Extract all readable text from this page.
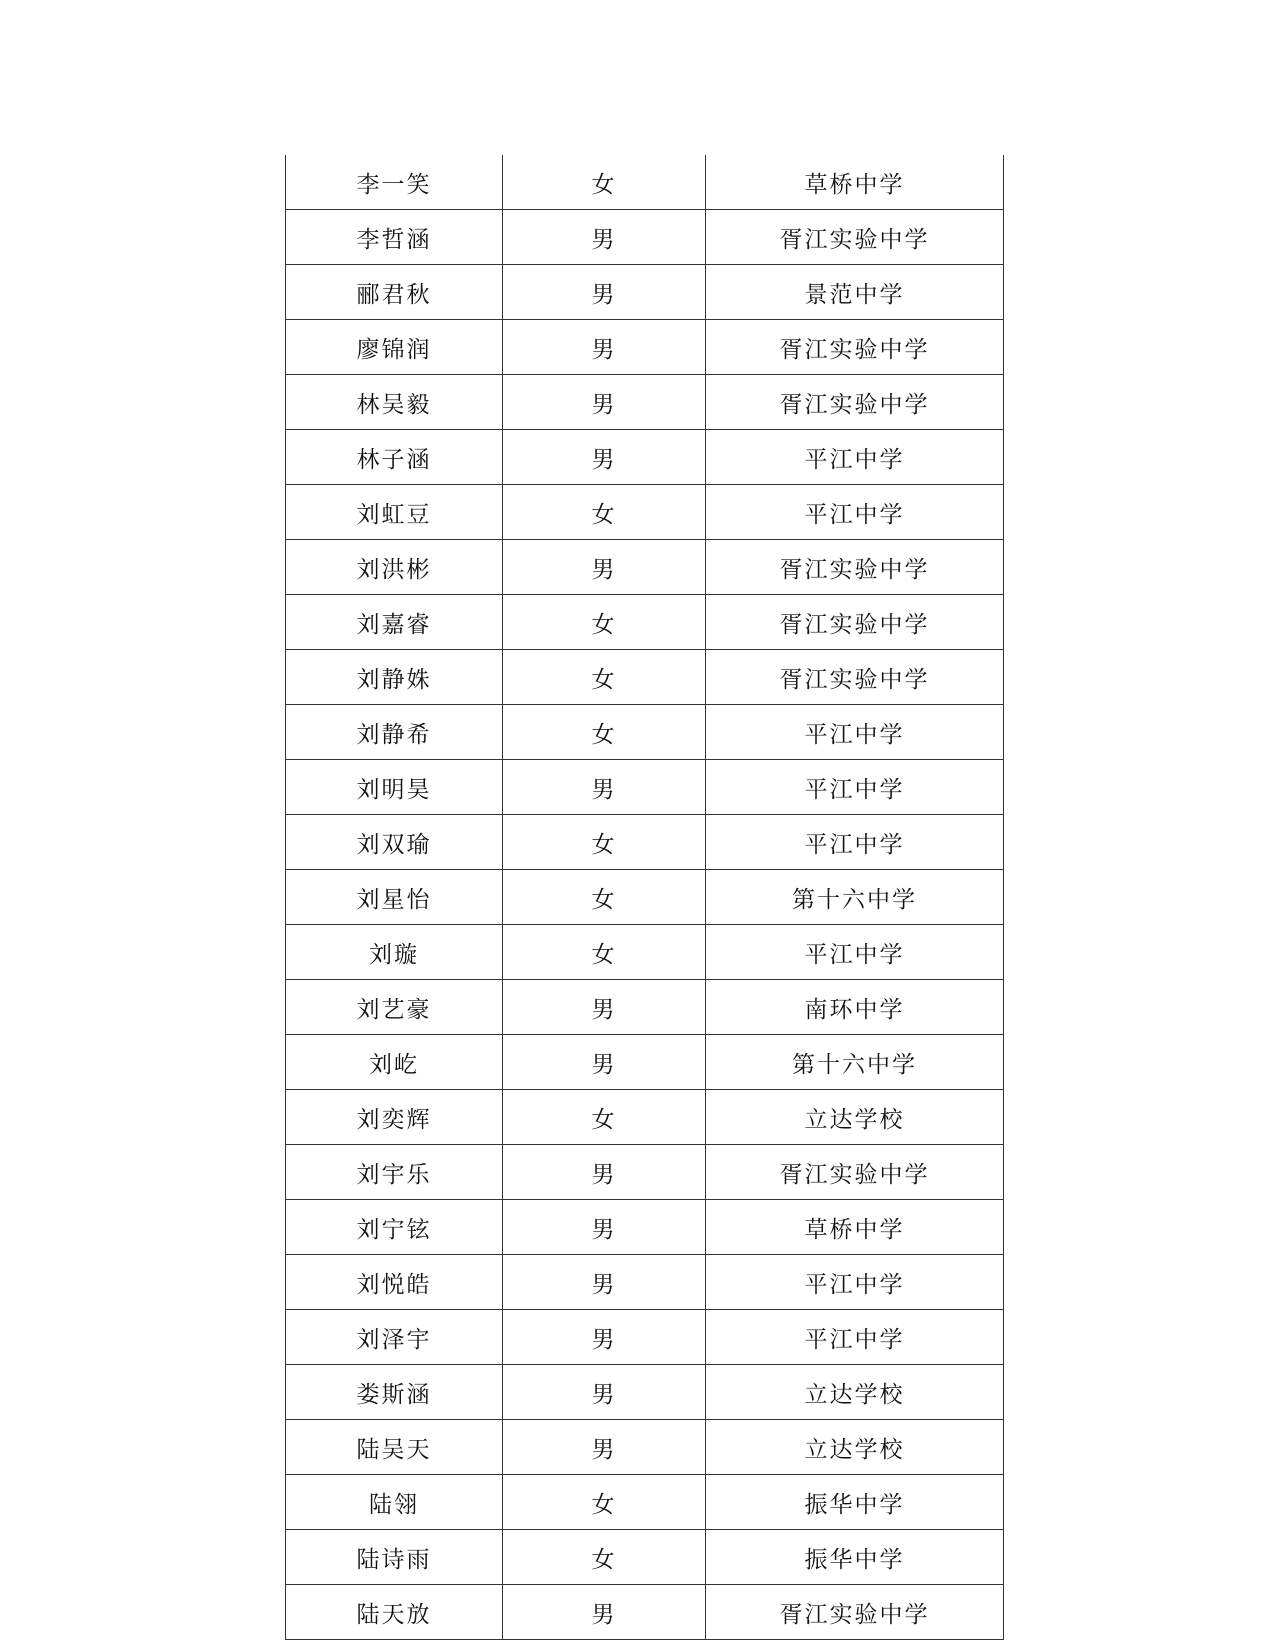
李一笑	女	草桥中学
李哲涵	男	胥江实验中学
郦君秋	男	景范中学
廖锦润	男	胥江实验中学
林吴毅	男	胥江实验中学
林子涵	男	平江中学
刘虹豆	女	平江中学
刘洪彬	男	胥江实验中学
刘嘉睿	女	胥江实验中学
刘静姝	女	胥江实验中学
刘静希	女	平江中学
刘明昊	男	平江中学
刘双瑜	女	平江中学
刘星怡	女	第十六中学
刘璇	女	平江中学
刘艺豪	男	南环中学
刘屹	男	第十六中学
刘奕辉	女	立达学校
刘宇乐	男	胥江实验中学
刘宁铉	男	草桥中学
刘悦皓	男	平江中学
刘泽宇	男	平江中学
娄斯涵	男	立达学校
陆吴天	男	立达学校
陆翎	女	振华中学
陆诗雨	女	振华中学
陆天放	男	胥江实验中学
